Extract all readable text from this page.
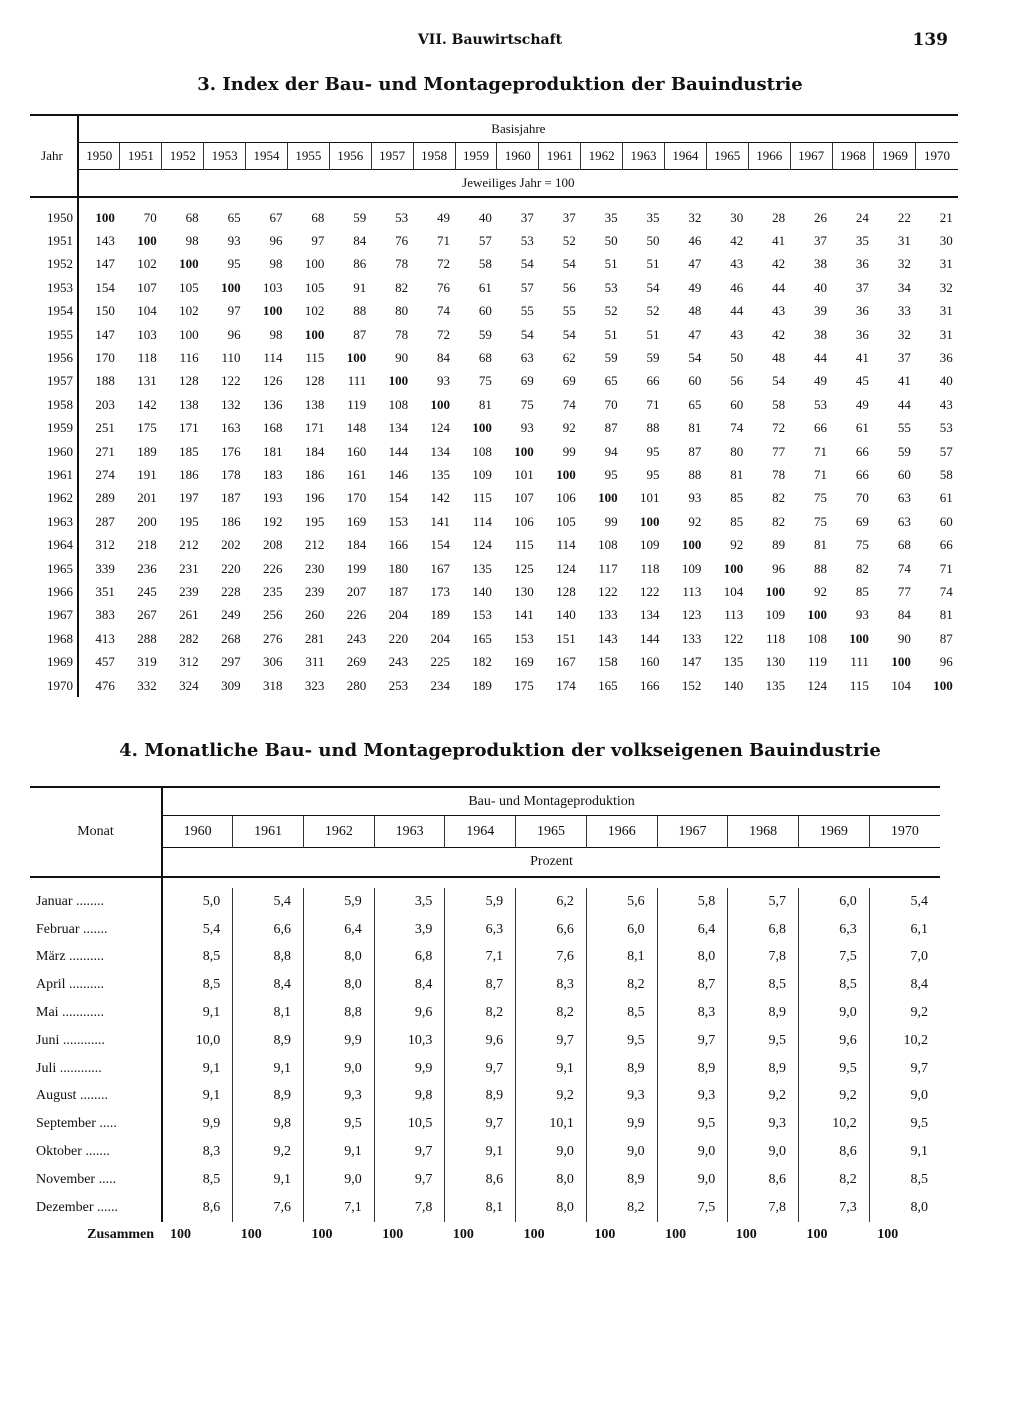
VII. Bauwirtschaft	139
3. Index der Bau- und Montageproduktion der Bauindustrie
Jahr	Basisjahre																				
	1950	1951	1952	1953	1954	1955	1956	1957	1958	1959	1960	1961	1962	1963	1964	1965	1966	1967	1968	1969	1970
	Jeweiliges Jahr = 100																				

1950	100	70	68	65	67	68	59	53	49	40	37	37	35	35	32	30	28	26	24	22	21
1951	143	100	98	93	96	97	84	76	71	57	53	52	50	50	46	42	41	37	35	31	30
1952	147	102	100	95	98	100	86	78	72	58	54	54	51	51	47	43	42	38	36	32	31
1953	154	107	105	100	103	105	91	82	76	61	57	56	53	54	49	46	44	40	37	34	32
1954	150	104	102	97	100	102	88	80	74	60	55	55	52	52	48	44	43	39	36	33	31
1955	147	103	100	96	98	100	87	78	72	59	54	54	51	51	47	43	42	38	36	32	31
1956	170	118	116	110	114	115	100	90	84	68	63	62	59	59	54	50	48	44	41	37	36
1957	188	131	128	122	126	128	111	100	93	75	69	69	65	66	60	56	54	49	45	41	40
1958	203	142	138	132	136	138	119	108	100	81	75	74	70	71	65	60	58	53	49	44	43
1959	251	175	171	163	168	171	148	134	124	100	93	92	87	88	81	74	72	66	61	55	53
1960	271	189	185	176	181	184	160	144	134	108	100	99	94	95	87	80	77	71	66	59	57
1961	274	191	186	178	183	186	161	146	135	109	101	100	95	95	88	81	78	71	66	60	58
1962	289	201	197	187	193	196	170	154	142	115	107	106	100	101	93	85	82	75	70	63	61
1963	287	200	195	186	192	195	169	153	141	114	106	105	99	100	92	85	82	75	69	63	60
1964	312	218	212	202	208	212	184	166	154	124	115	114	108	109	100	92	89	81	75	68	66
1965	339	236	231	220	226	230	199	180	167	135	125	124	117	118	109	100	96	88	82	74	71
1966	351	245	239	228	235	239	207	187	173	140	130	128	122	122	113	104	100	92	85	77	74
1967	383	267	261	249	256	260	226	204	189	153	141	140	133	134	123	113	109	100	93	84	81
1968	413	288	282	268	276	281	243	220	204	165	153	151	143	144	133	122	118	108	100	90	87
1969	457	319	312	297	306	311	269	243	225	182	169	167	158	160	147	135	130	119	111	100	96
1970	476	332	324	309	318	323	280	253	234	189	175	174	165	166	152	140	135	124	115	104	100
4. Monatliche Bau- und Montageproduktion der volkseigenen Bauindustrie
Monat	Bau- und Montageproduktion										
	1960	1961	1962	1963	1964	1965	1966	1967	1968	1969	1970
	Prozent										

Januar ........	5,0	5,4	5,9	3,5	5,9	6,2	5,6	5,8	5,7	6,0	5,4
Februar .......	5,4	6,6	6,4	3,9	6,3	6,6	6,0	6,4	6,8	6,3	6,1
März ..........	8,5	8,8	8,0	6,8	7,1	7,6	8,1	8,0	7,8	7,5	7,0
April ..........	8,5	8,4	8,0	8,4	8,7	8,3	8,2	8,7	8,5	8,5	8,4
Mai ............	9,1	8,1	8,8	9,6	8,2	8,2	8,5	8,3	8,9	9,0	9,2
Juni ............	10,0	8,9	9,9	10,3	9,6	9,7	9,5	9,7	9,5	9,6	10,2
Juli ............	9,1	9,1	9,0	9,9	9,7	9,1	8,9	8,9	8,9	9,5	9,7
August ........	9,1	8,9	9,3	9,8	8,9	9,2	9,3	9,3	9,2	9,2	9,0
September .....	9,9	9,8	9,5	10,5	9,7	10,1	9,9	9,5	9,3	10,2	9,5
Oktober .......	8,3	9,2	9,1	9,7	9,1	9,0	9,0	9,0	9,0	8,6	9,1
November .....	8,5	9,1	9,0	9,7	8,6	8,0	8,9	9,0	8,6	8,2	8,5
Dezember ......	8,6	7,6	7,1	7,8	8,1	8,0	8,2	7,5	7,8	7,3	8,0
Zusammen	100	100	100	100	100	100	100	100	100	100	100
